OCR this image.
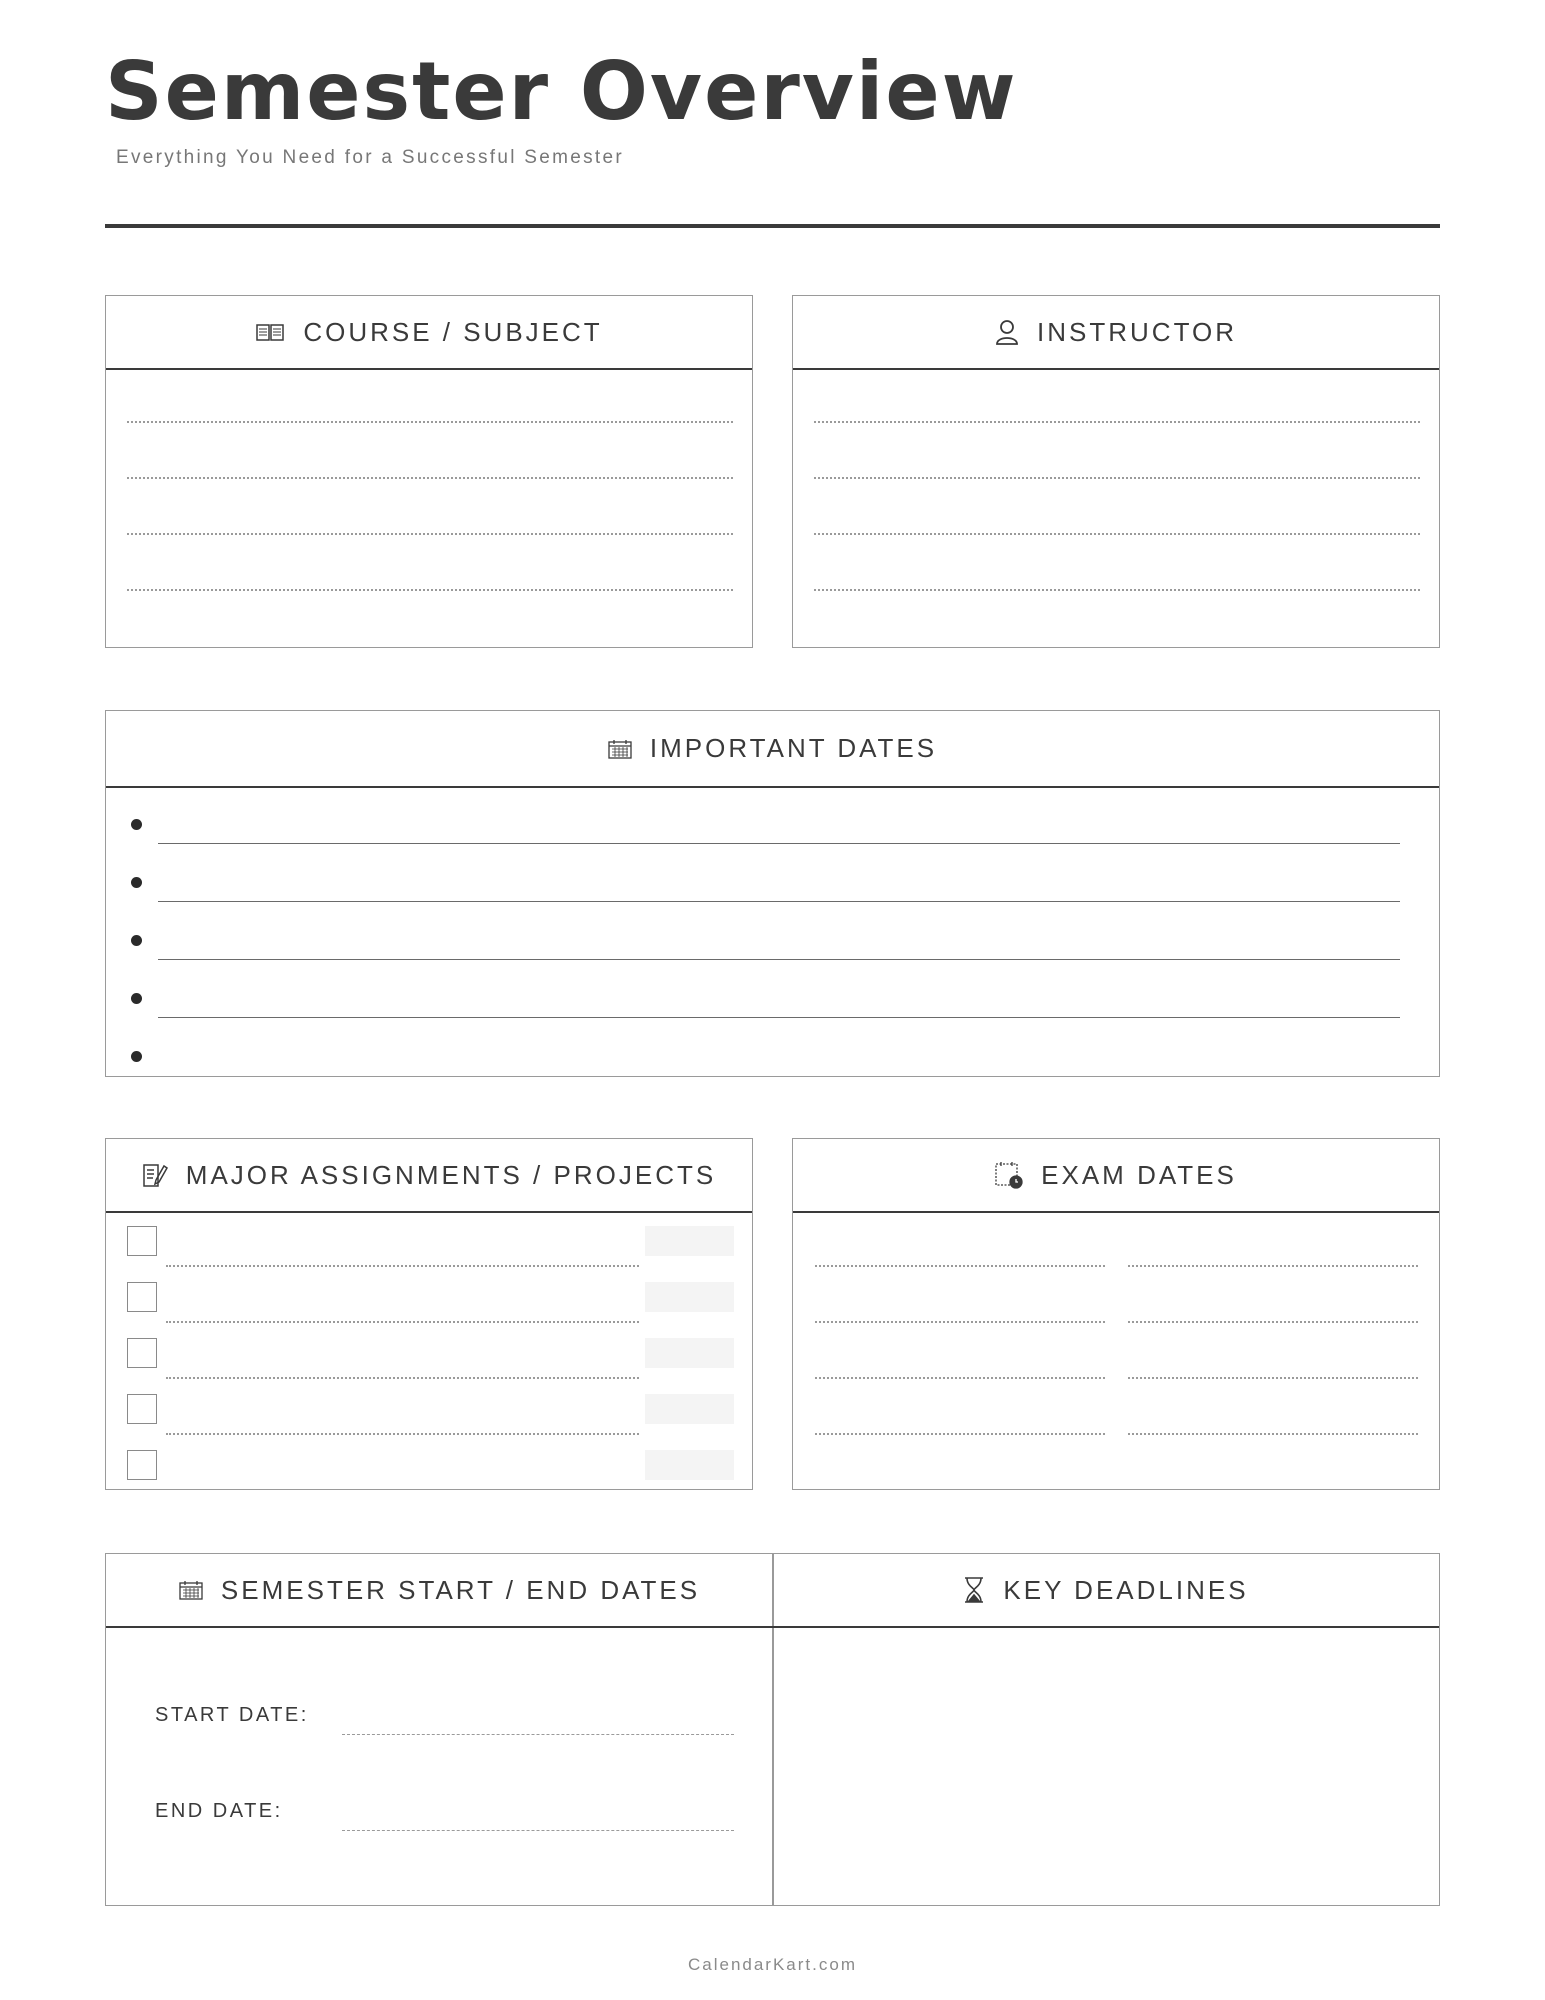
Semester Overview
Everything You Need for a Successful Semester
COURSE / SUBJECT	INSTRUCTOR
IMPORTANT DATES
MAJOR ASSIGNMENTS / PROJECTS	EXAM DATES
SEMESTER START / END DATES	KEY DEADLINES
START DATE:
END DATE:
CalendarKart.com
